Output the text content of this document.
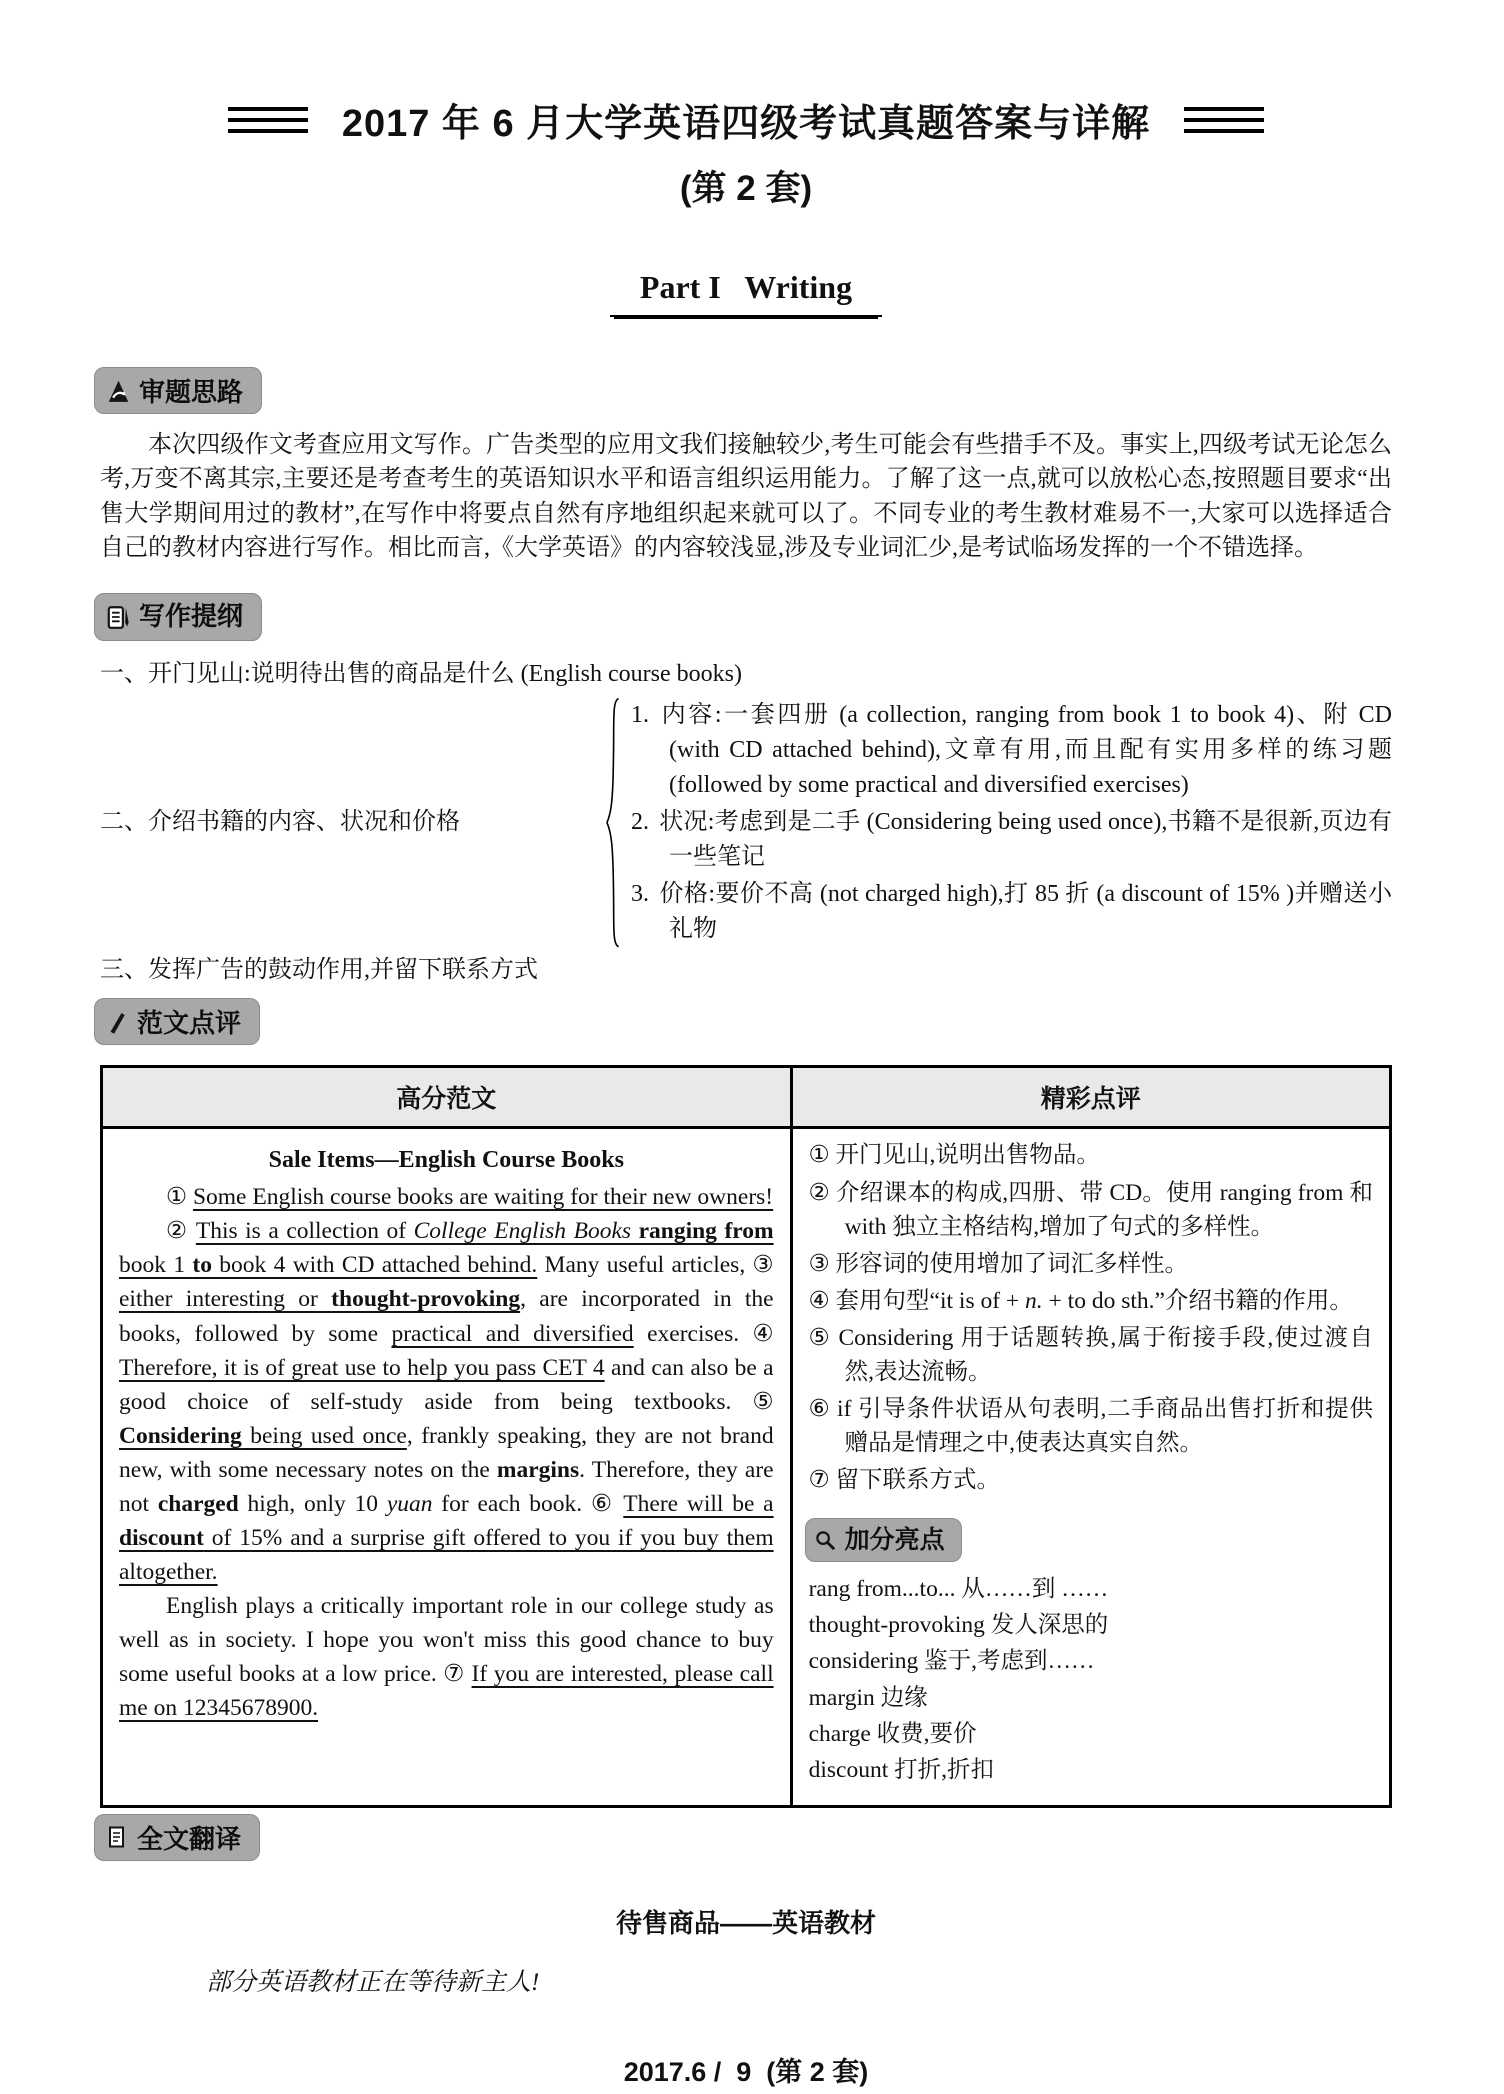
2017 年 6 月大学英语四级考试真题答案与详解
(第 2 套)
Part I   Writing
审题思路

本次四级作文考查应用文写作。广告类型的应用文我们接触较少,考生可能会有些措手不及。事实上,四级考试无论怎么考,万变不离其宗,主要还是考查考生的英语知识水平和语言组织运用能力。了解了这一点,就可以放松心态,按照题目要求“出售大学期间用过的教材”,在写作中将要点自然有序地组织起来就可以了。不同专业的考生教材难易不一,大家可以选择适合自己的教材内容进行写作。相比而言,《大学英语》的内容较浅显,涉及专业词汇少,是考试临场发挥的一个不错选择。

写作提纲
一、开门见山:说明待出售的商品是什么 (English course books)
二、介绍书籍的内容、状况和价格
1. 内容:一套四册 (a collection, ranging from book 1 to book 4)、附 CD (with CD attached behind),文章有用,而且配有实用多样的练习题 (followed by some practical and diversified exercises)
2. 状况:考虑到是二手 (Considering being used once),书籍不是很新,页边有一些笔记
3. 价格:要价不高 (not charged high),打 85 折 (a discount of 15% )并赠送小礼物
三、发挥广告的鼓动作用,并留下联系方式
范文点评
高分范文	精彩点评

Sale Items—English Course Books

① Some English course books are waiting for their new owners!

② This is a collection of College English Books ranging from book 1 to book 4 with CD attached behind. Many useful articles, ③ either interesting or thought-provoking, are incorporated in the books, followed by some practical and diversified exercises. ④ Therefore, it is of great use to help you pass CET 4 and can also be a good choice of self-study aside from being textbooks. ⑤ Considering being used once, frankly speaking, they are not brand new, with some necessary notes on the margins. Therefore, they are not charged high, only 10 yuan for each book. ⑥ There will be a discount of 15% and a surprise gift offered to you if you buy them altogether.

English plays a critically important role in our college study as well as in society. I hope you won't miss this good chance to buy some useful books at a low price. ⑦ If you are interested, please call me on 12345678900.

① 开门见山,说明出售物品。
② 介绍课本的构成,四册、带 CD。使用 ranging from 和 with 独立主格结构,增加了句式的多样性。
③ 形容词的使用增加了词汇多样性。
④ 套用句型“it is of + n. + to do sth.”介绍书籍的作用。
⑤ Considering 用于话题转换,属于衔接手段,使过渡自然,表达流畅。
⑥ if 引导条件状语从句表明,二手商品出售打折和提供赠品是情理之中,使表达真实自然。
⑦ 留下联系方式。
加分亮点
rang from...to... 从……到 ……
thought-provoking 发人深思的
considering 鉴于,考虑到……
margin 边缘
charge 收费,要价
discount 打折,折扣
全文翻译
待售商品——英语教材
部分英语教材正在等待新主人!
2017.6 /  9  (第 2 套)
